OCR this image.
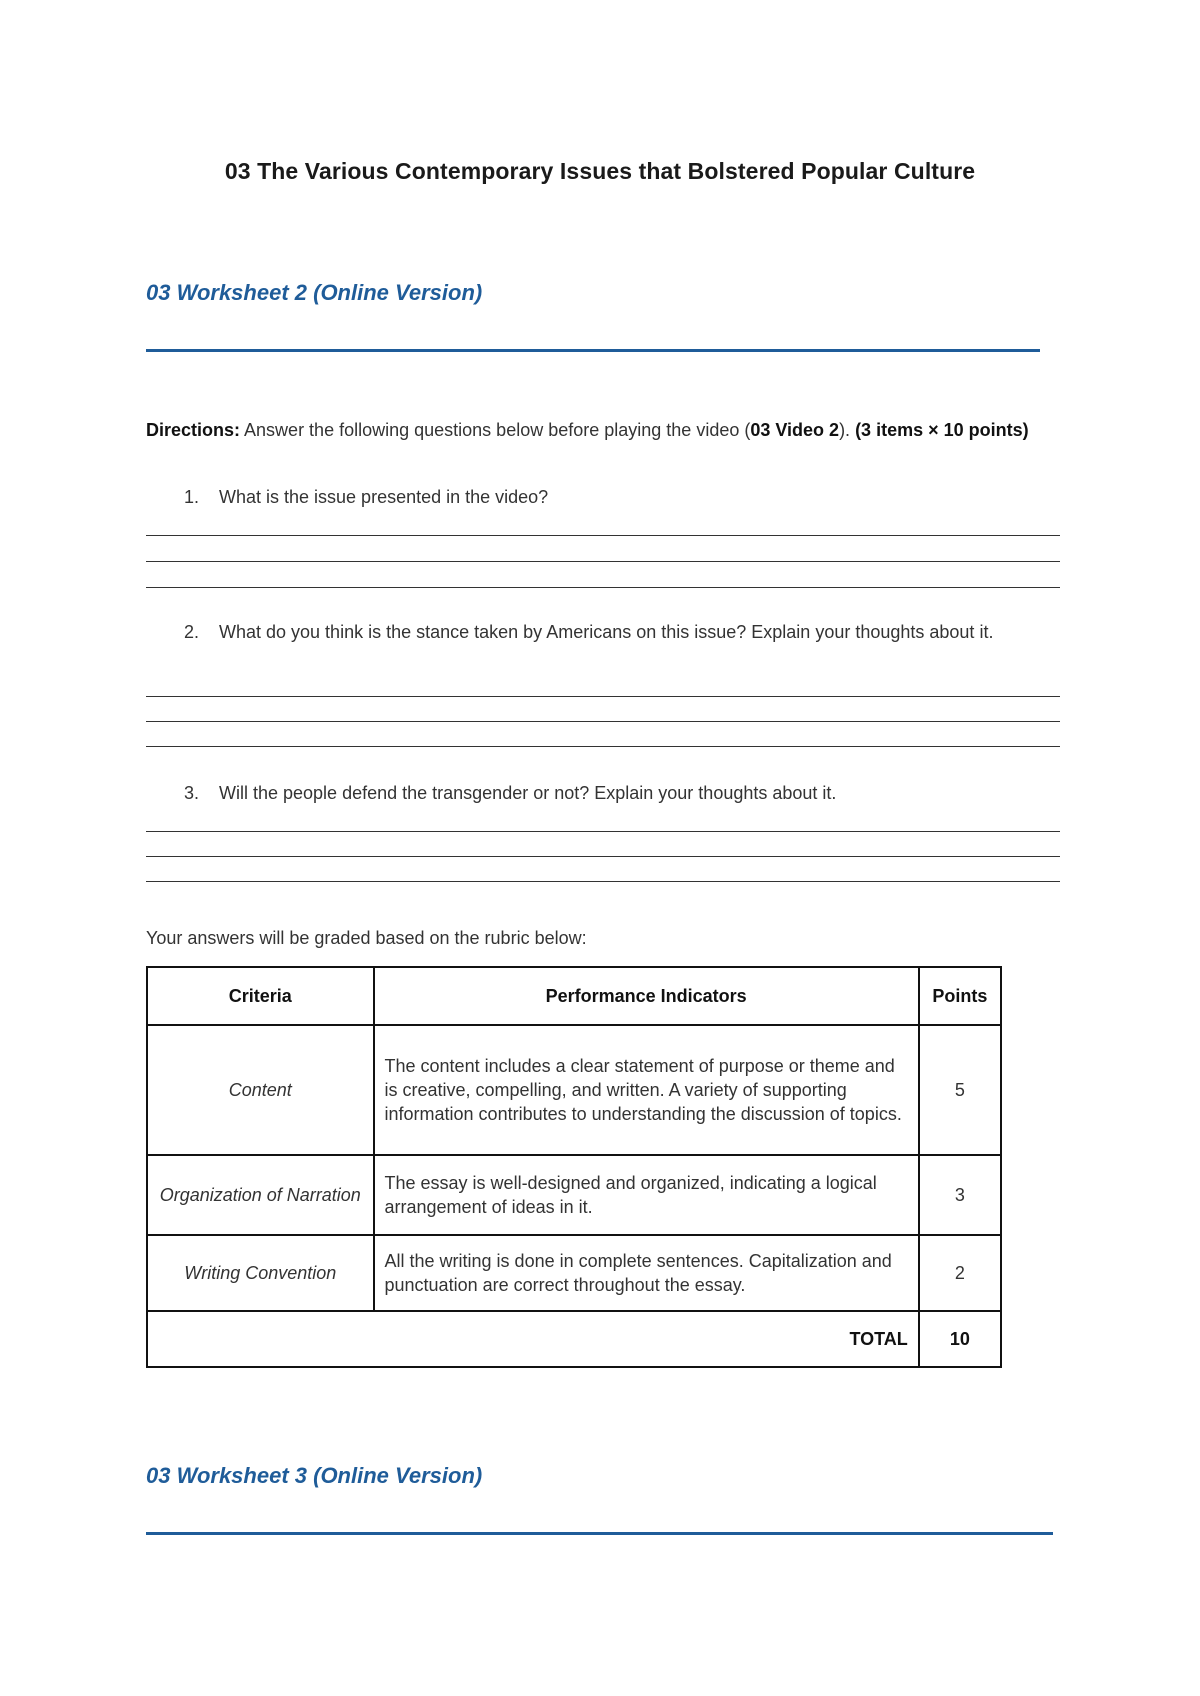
03 The Various Contemporary Issues that Bolstered Popular Culture
03 Worksheet 2 (Online Version)
Directions: Answer the following questions below before playing the video (03 Video 2). (3 items × 10 points)
1. What is the issue presented in the video?
2. What do you think is the stance taken by Americans on this issue? Explain your thoughts about it.
3. Will the people defend the transgender or not? Explain your thoughts about it.
Your answers will be graded based on the rubric below:
Criteria	Performance Indicators	Points
Content	The content includes a clear statement of purpose or theme and is creative, compelling, and written. A variety of supporting information contributes to understanding the discussion of topics.	5
Organization of Narration	The essay is well-designed and organized, indicating a logical arrangement of ideas in it.	3
Writing Convention	All the writing is done in complete sentences. Capitalization and punctuation are correct throughout the essay.	2
TOTAL		10
03 Worksheet 3 (Online Version)
